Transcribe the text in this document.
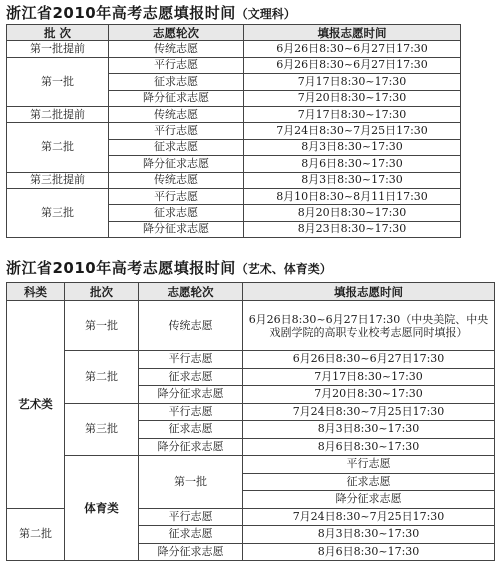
浙江省2010年高考志愿填报时间（文理科）
批 次	志愿轮次	填报志愿时间
第一批提前	传统志愿	6月26日8:30~6月27日17:30
第一批	平行志愿	6月26日8:30~6月27日17:30
	征求志愿	7月17日8:30~17:30
	降分征求志愿	7月20日8:30~17:30
第二批提前	传统志愿	7月17日8:30~17:30
第二批	平行志愿	7月24日8:30~7月25日17:30
	征求志愿	8月3日8:30~17:30
	降分征求志愿	8月6日8:30~17:30
第三批提前	传统志愿	8月3日8:30~17:30
第三批	平行志愿	8月10日8:30~8月11日17:30
	征求志愿	8月20日8:30~17:30
	降分征求志愿	8月23日8:30~17:30
浙江省2010年高考志愿填报时间（艺术、体育类）
科类	批次	志愿轮次	填报志愿时间	
艺术类	第一批	传统志愿	6月26日8:30~6月27日17:30（中央美院、中央戏剧学院的高职专业校考志愿同时填报）	
	第二批	平行志愿	6月26日8:30~6月27日17:30	
		征求志愿	7月17日8:30~17:30	
		降分征求志愿	7月20日8:30~17:30	
	第三批	平行志愿	7月24日8:30~7月25日17:30	
		征求志愿	8月3日8:30~17:30	
		降分征求志愿	8月6日8:30~17:30	
	体育类	第一批	平行志愿	
			征求志愿	
			降分征求志愿	
第二批		平行志愿	7月24日8:30~7月25日17:30	
		征求志愿	8月3日8:30~17:30	
		降分征求志愿	8月6日8:30~17:30	
